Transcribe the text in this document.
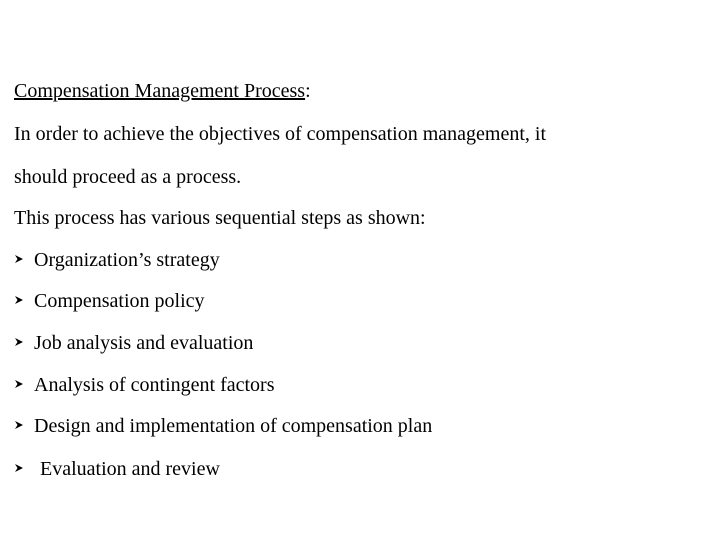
Compensation Management Process:
In order to achieve the objectives of compensation management, it
should proceed as a process.
This process has various sequential steps as shown:
Organization’s strategy
Compensation policy
Job analysis and evaluation
Analysis of contingent factors
Design and implementation of compensation plan
Evaluation and review
